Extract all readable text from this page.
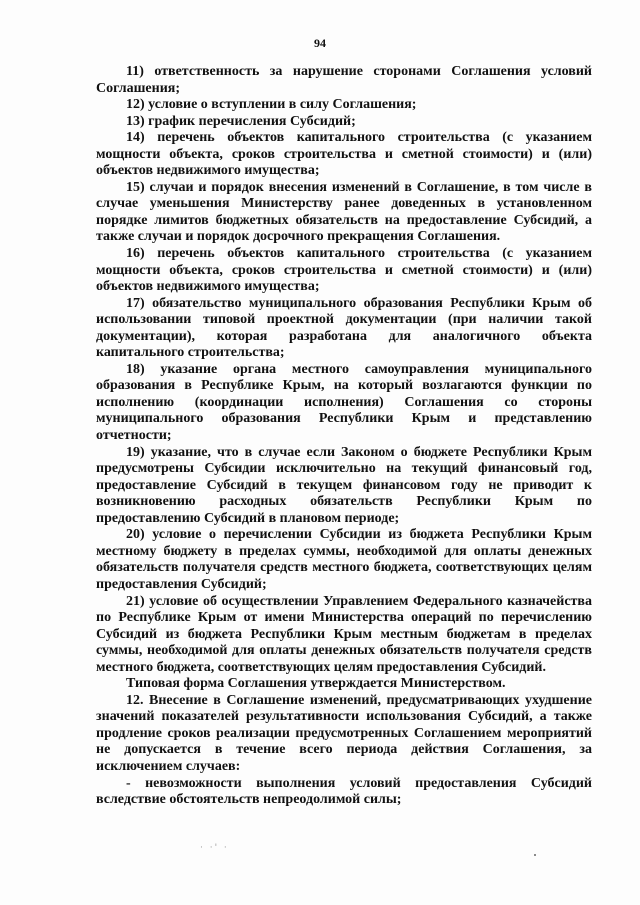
94

11) ответственность за нарушение сторонами Соглашения условий Соглашения;

12) условие о вступлении в силу Соглашения;

13) график перечисления Субсидий;

14) перечень объектов капитального строительства (с указанием мощности объекта, сроков строительства и сметной стоимости) и (или) объектов недвижимого имущества;

15) случаи и порядок внесения изменений в Соглашение, в том числе в случае уменьшения Министерству ранее доведенных в установленном порядке лимитов бюджетных обязательств на предоставление Субсидий, а также случаи и порядок досрочного прекращения Соглашения.

16) перечень объектов капитального строительства (с указанием мощности объекта, сроков строительства и сметной стоимости) и (или) объектов недвижимого имущества;

17) обязательство муниципального образования Республики Крым об использовании типовой проектной документации (при наличии такой документации), которая разработана для аналогичного объекта капитального строительства;

18) указание органа местного самоуправления муниципального образования в Республике Крым, на который возлагаются функции по исполнению (координации исполнения) Соглашения со стороны муниципального образования Республики Крым и представлению отчетности;

19) указание, что в случае если Законом о бюджете Республики Крым предусмотрены Субсидии исключительно на текущий финансовый год, предоставление Субсидий в текущем финансовом году не приводит к возникновению расходных обязательств Республики Крым по предоставлению Субсидий в плановом периоде;

20) условие о перечислении Субсидии из бюджета Республики Крым местному бюджету в пределах суммы, необходимой для оплаты денежных обязательств получателя средств местного бюджета, соответствующих целям предоставления Субсидий;

21) условие об осуществлении Управлением Федерального казначейства по Республике Крым от имени Министерства операций по перечислению Субсидий из бюджета Республики Крым местным бюджетам в пределах суммы, необходимой для оплаты денежных обязательств получателя средств местного бюджета, соответствующих целям предоставления Субсидий.

Типовая форма Соглашения утверждается Министерством.

12. Внесение в Соглашение изменений, предусматривающих ухудшение значений показателей результативности использования Субсидий, а также продление сроков реализации предусмотренных Соглашением мероприятий не допускается в течение всего периода действия Соглашения, за исключением случаев:

- невозможности выполнения условий предоставления Субсидий вследствие обстоятельств непреодолимой силы;

· ·' ·
